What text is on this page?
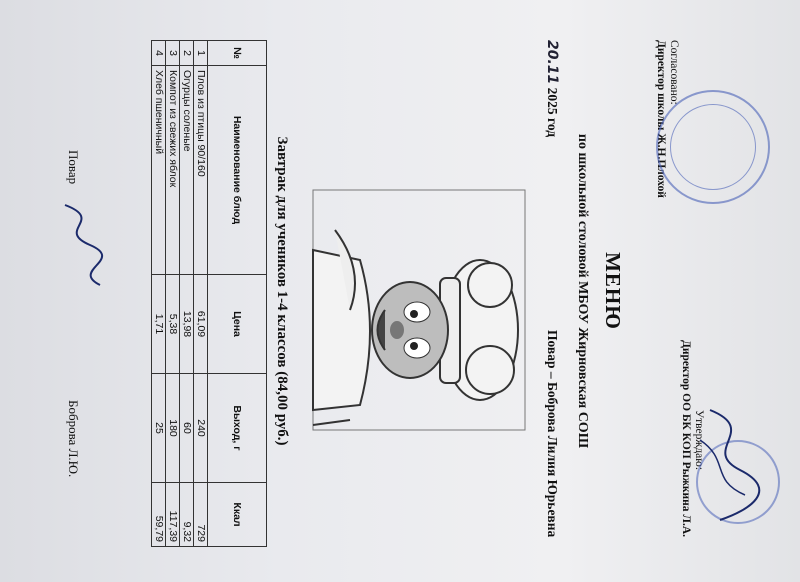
Утверждаю:
Директор ОО БК КОП Рыжкина Л.А.
Согласовано:
Директор школы Ж.Н.Плохой
МЕНЮ
по школьной столовой МБОУ Жирновская СОШ
20.11 2025 год
Повар – Боброва Лилия Юрьевна
Завтрак для учеников 1-4 классов (84,00 руб.)
№	Наименование блюд	Цена	Выход, г	Ккал
1	Плов из птицы 90/160	61,09	240	729
2	Огурцы соленые	13,98	60	9,32
3	Компот из свежих яблок	5,38	180	117,39
4	Хлеб пшеничный	1,71	25	59,79
Повар
Боброва Л.Ю.
